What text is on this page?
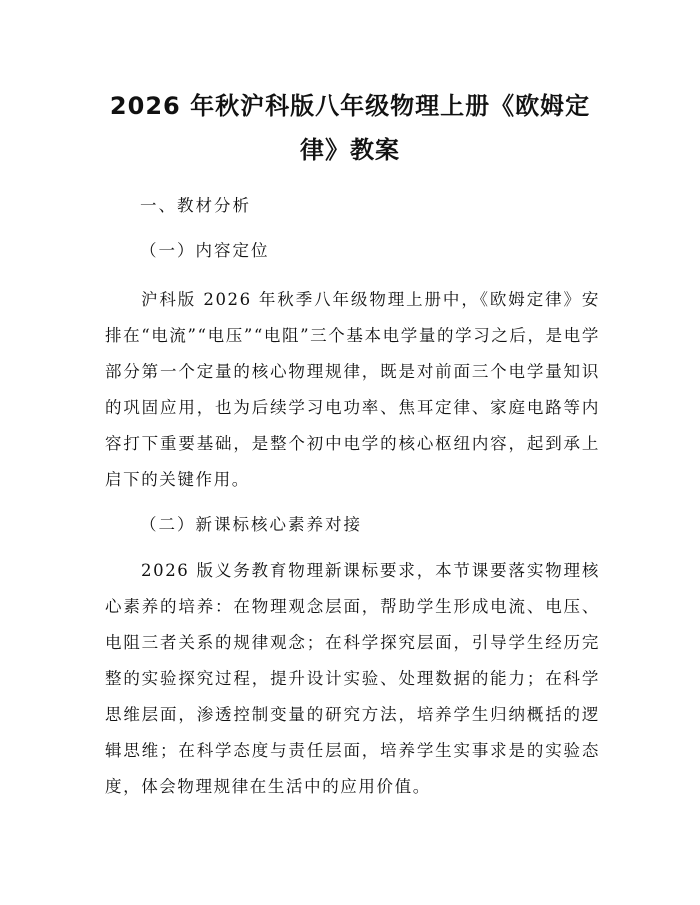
2026 年秋沪科版八年级物理上册《欧姆定
律》教案
一、教材分析
（一）内容定位
沪科版 2026 年秋季八年级物理上册中，《欧姆定律》安排在“电流”“电压”“电阻”三个基本电学量的学习之后，是电学部分第一个定量的核心物理规律，既是对前面三个电学量知识的巩固应用，也为后续学习电功率、焦耳定律、家庭电路等内容打下重要基础，是整个初中电学的核心枢纽内容，起到承上启下的关键作用。
（二）新课标核心素养对接
2026 版义务教育物理新课标要求，本节课要落实物理核心素养的培养：在物理观念层面，帮助学生形成电流、电压、电阻三者关系的规律观念；在科学探究层面，引导学生经历完整的实验探究过程，提升设计实验、处理数据的能力；在科学思维层面，渗透控制变量的研究方法，培养学生归纳概括的逻辑思维；在科学态度与责任层面，培养学生实事求是的实验态度，体会物理规律在生活中的应用价值。
